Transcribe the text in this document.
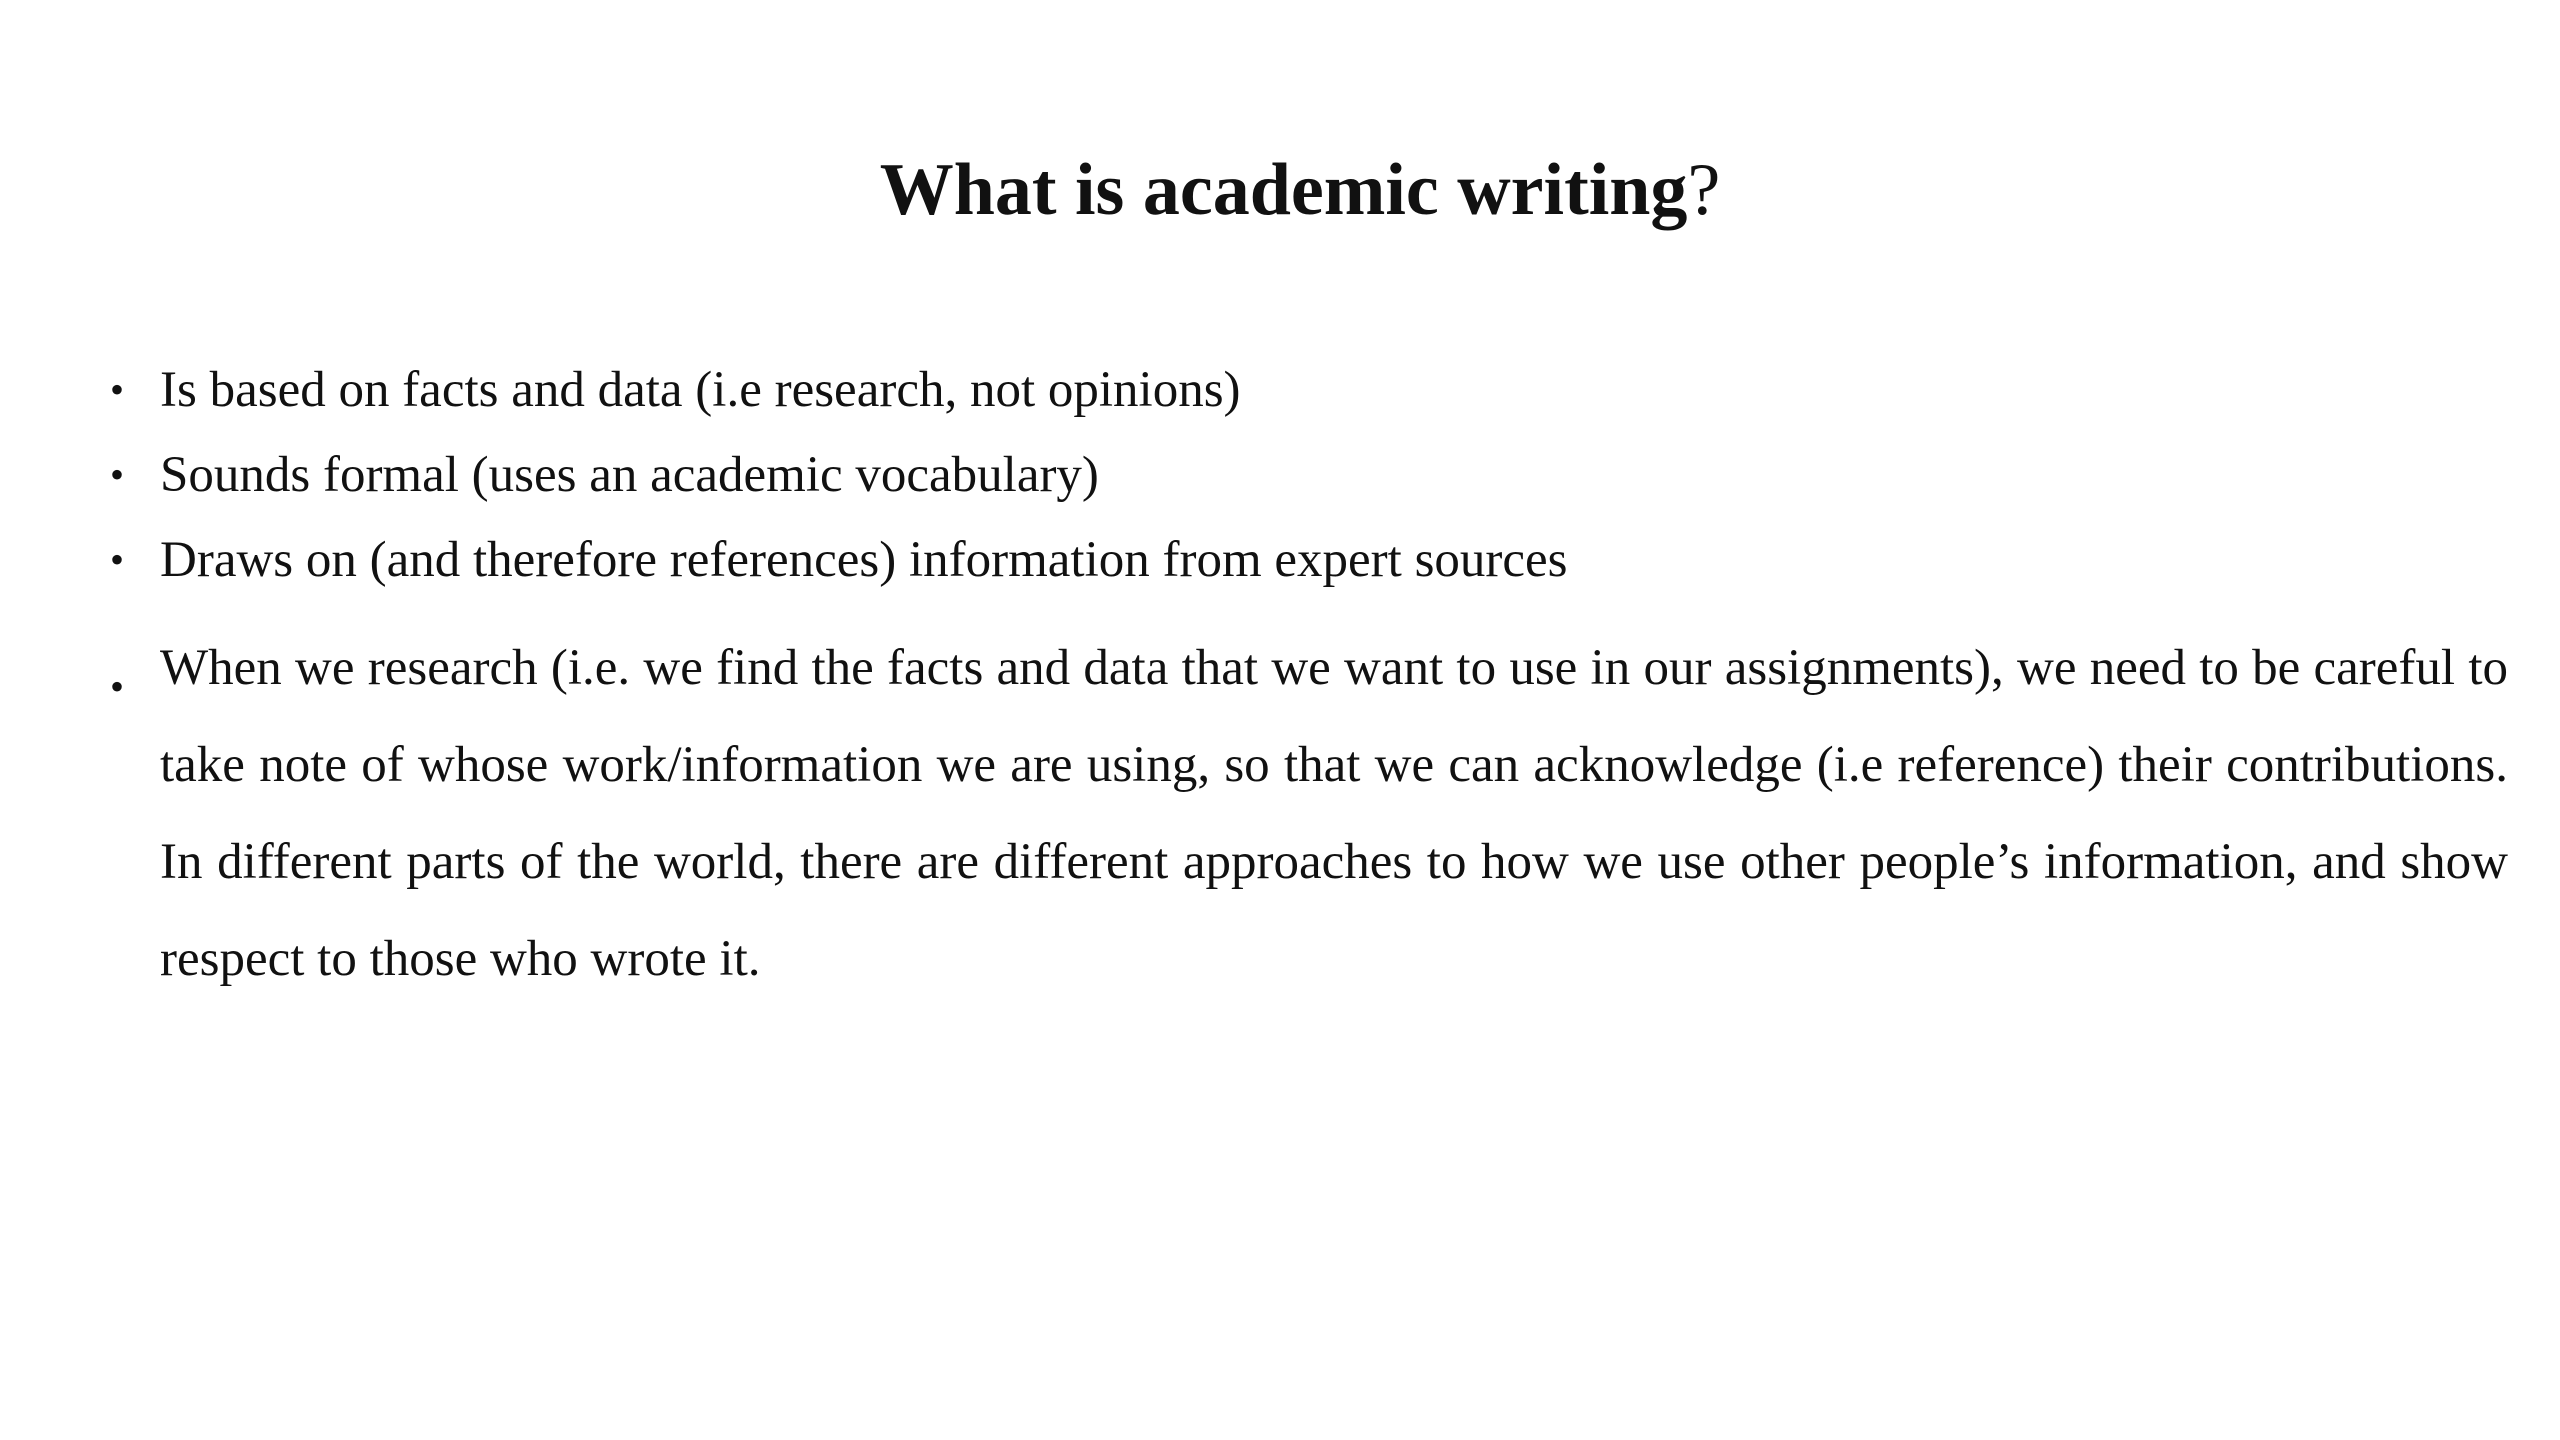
What is academic writing?
• Is based on facts and data (i.e research, not opinions)
• Sounds formal (uses an academic vocabulary)
• Draws on (and therefore references) information from expert sources
• When we research (i.e. we find the facts and data that we want to use in our assignments), we need to be careful to take note of whose work/information we are using, so that we can acknowledge (i.e reference) their contributions. In different parts of the world, there are different approaches to how we use other people’s information, and show respect to those who wrote it.
